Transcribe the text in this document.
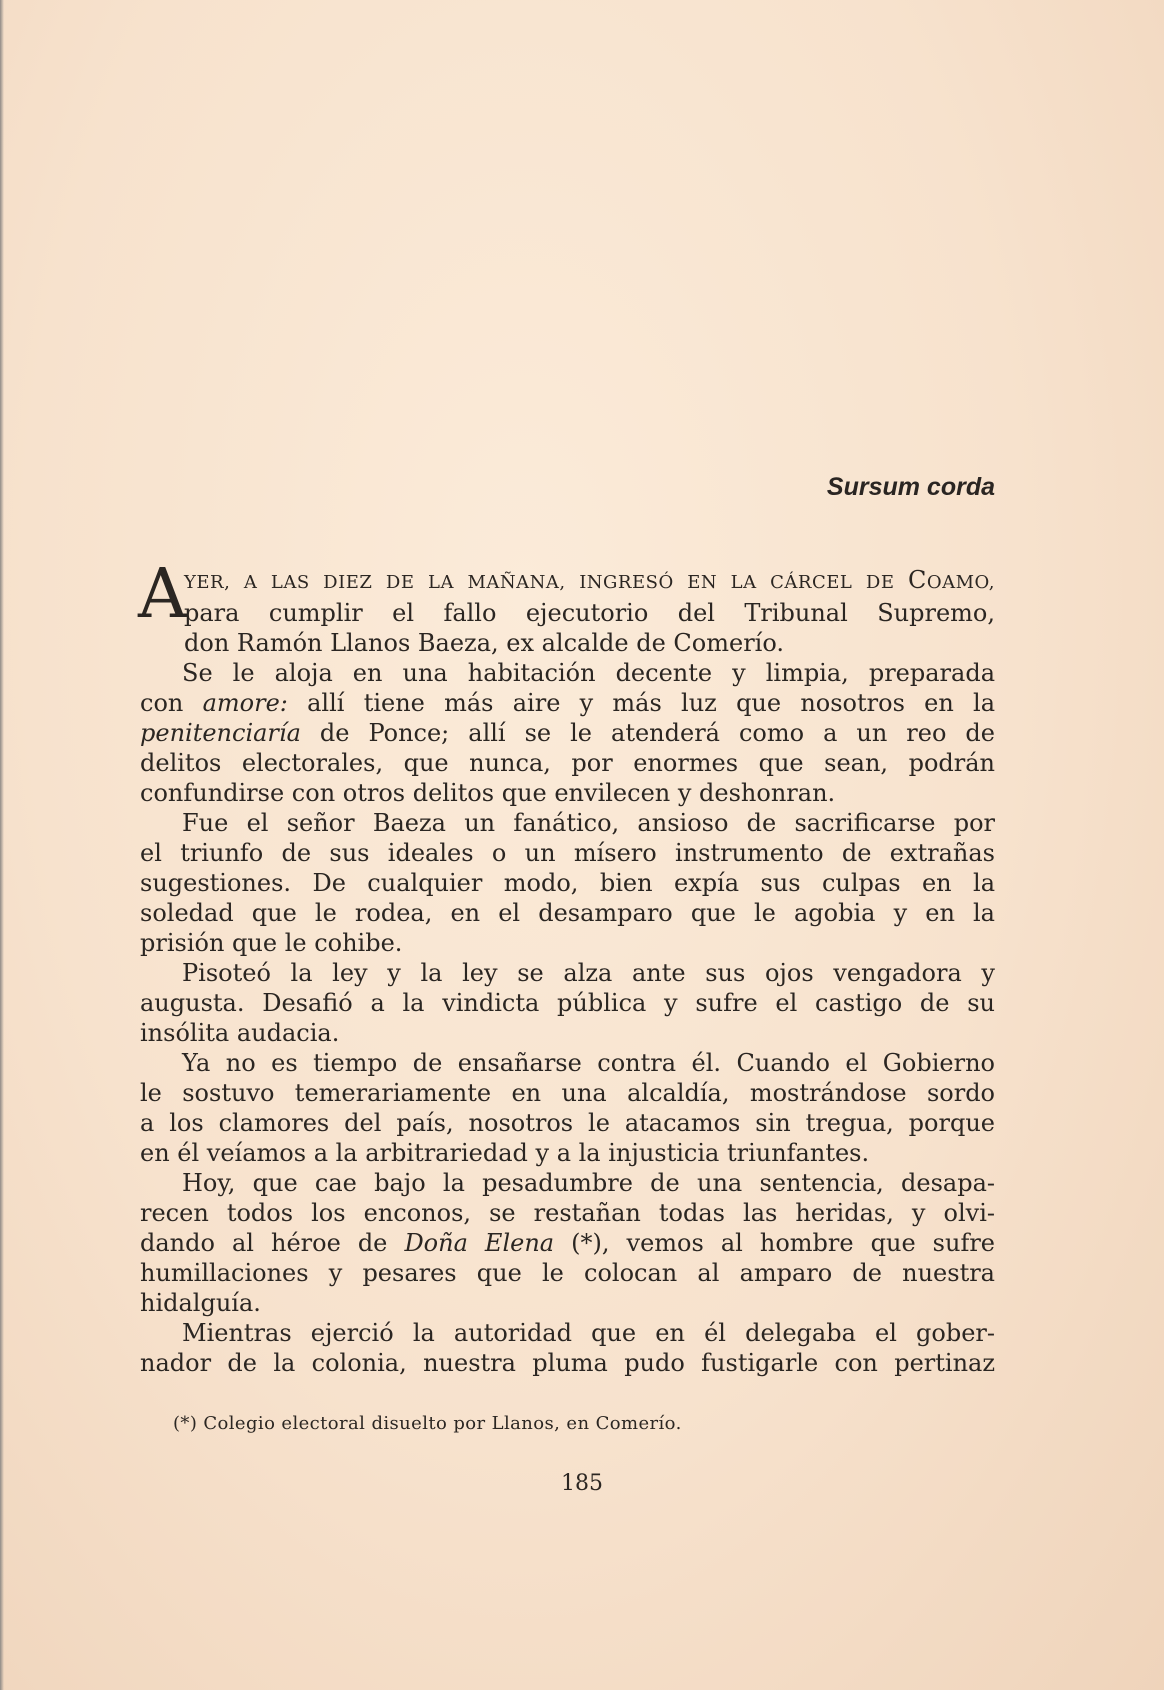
Sursum corda
A
YER, A LAS DIEZ DE LA MAÑANA, INGRESÓ EN LA CÁRCEL DE COAMO,
para cumplir el fallo ejecutorio del Tribunal Supremo,
don Ramón Llanos Baeza, ex alcalde de Comerío.
Se le aloja en una habitación decente y limpia, preparada
con amore: allí tiene más aire y más luz que nosotros en la
penitenciaría de Ponce; allí se le atenderá como a un reo de
delitos electorales, que nunca, por enormes que sean, podrán
confundirse con otros delitos que envilecen y deshonran.
Fue el señor Baeza un fanático, ansioso de sacrificarse por
el triunfo de sus ideales o un mísero instrumento de extrañas
sugestiones. De cualquier modo, bien expía sus culpas en la
soledad que le rodea, en el desamparo que le agobia y en la
prisión que le cohibe.
Pisoteó la ley y la ley se alza ante sus ojos vengadora y
augusta. Desafió a la vindicta pública y sufre el castigo de su
insólita audacia.
Ya no es tiempo de ensañarse contra él. Cuando el Gobierno
le sostuvo temerariamente en una alcaldía, mostrándose sordo
a los clamores del país, nosotros le atacamos sin tregua, porque
en él veíamos a la arbitrariedad y a la injusticia triunfantes.
Hoy, que cae bajo la pesadumbre de una sentencia, desapa-
recen todos los enconos, se restañan todas las heridas, y olvi-
dando al héroe de Doña Elena (*), vemos al hombre que sufre
humillaciones y pesares que le colocan al amparo de nuestra
hidalguía.
Mientras ejerció la autoridad que en él delegaba el gober-
nador de la colonia, nuestra pluma pudo fustigarle con pertinaz
(*) Colegio electoral disuelto por Llanos, en Comerío.
185
